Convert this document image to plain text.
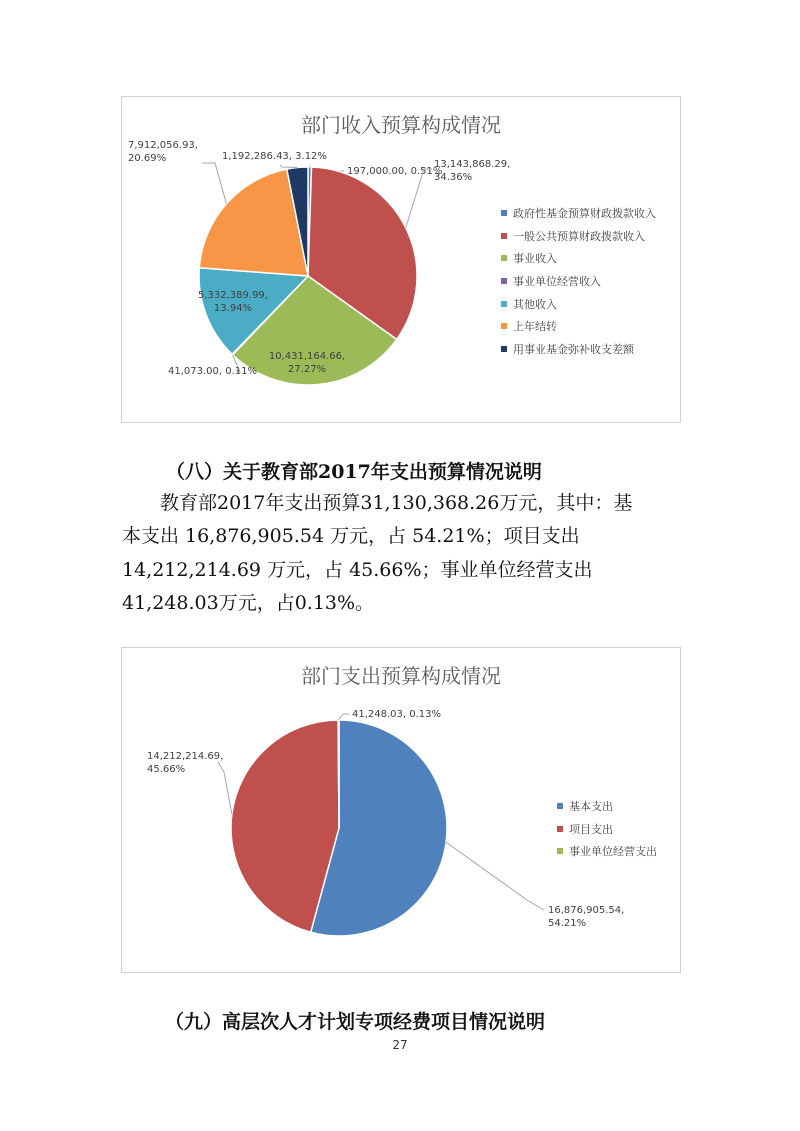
部门收入预算构成情况
197,000.00, 0.51%
13,143,868.29, 34.36%
10,431,164.66, 27.27%
41,073.00, 0.11%
5,332,389.99, 13.94%
7,912,056.93, 20.69%	1,192,286.43, 3.12%
政府性基金预算财政拨款收入
一般公共预算财政拨款收入
事业收入
事业单位经营收入
其他收入
上年结转
用事业基金弥补收支差额
（八）关于教育部2017年支出预算情况说明
　　教育部2017年支出预算31,130,368.26万元，其中：基
本支出 16,876,905.54 万元，占 54.21%；项目支出
14,212,214.69 万元，占 45.66%；事业单位经营支出
41,248.03万元，占0.13%。
部门支出预算构成情况
16,876,905.54, 54.21%
14,212,214.69， 45.66%
41,248.03, 0.13%
基本支出
项目支出
事业单位经营支出
（九）高层次人才计划专项经费项目情况说明
27
